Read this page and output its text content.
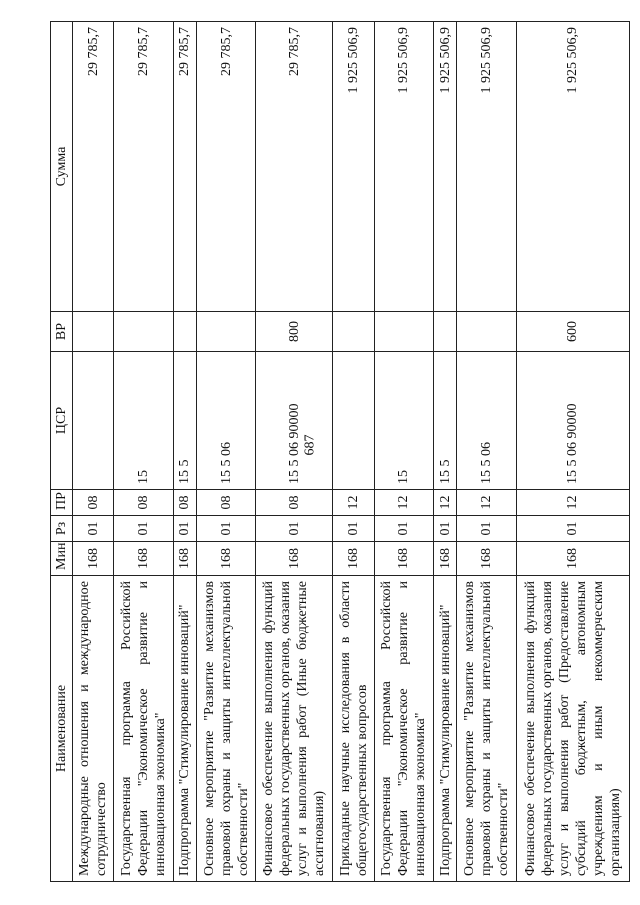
687
Наименование	Мин	Рз	ПР	ЦСР	ВР	Сумма
Международные отношения и международное сотрудничество	168	01	08			29 785,7
Государственная программа Российской Федерации "Экономическое развитие и инновационная экономика"	168	01	08	15		29 785,7
Подпрограмма "Стимулирование инноваций"	168	01	08	15 5		29 785,7
Основное мероприятие "Развитие механизмов правовой охраны и защиты интеллектуальной собственности"	168	01	08	15 5 06		29 785,7
Финансовое обеспечение выполнения функций федеральных государственных органов, оказания услуг и выполнения работ (Иные бюджетные ассигнования)	168	01	08	15 5 06 90000	800	29 785,7
Прикладные научные исследования в области общегосударственных вопросов	168	01	12			1 925 506,9
Государственная программа Российской Федерации "Экономическое развитие и инновационная экономика"	168	01	12	15		1 925 506,9
Подпрограмма "Стимулирование инноваций"	168	01	12	15 5		1 925 506,9
Основное мероприятие "Развитие механизмов правовой охраны и защиты интеллектуальной собственности"	168	01	12	15 5 06		1 925 506,9
Финансовое обеспечение выполнения функций федеральных государственных органов, оказания услуг и выполнения работ (Предоставление субсидий бюджетным, автономным учреждениям и иным некоммерческим организациям)	168	01	12	15 5 06 90000	600	1 925 506,9
